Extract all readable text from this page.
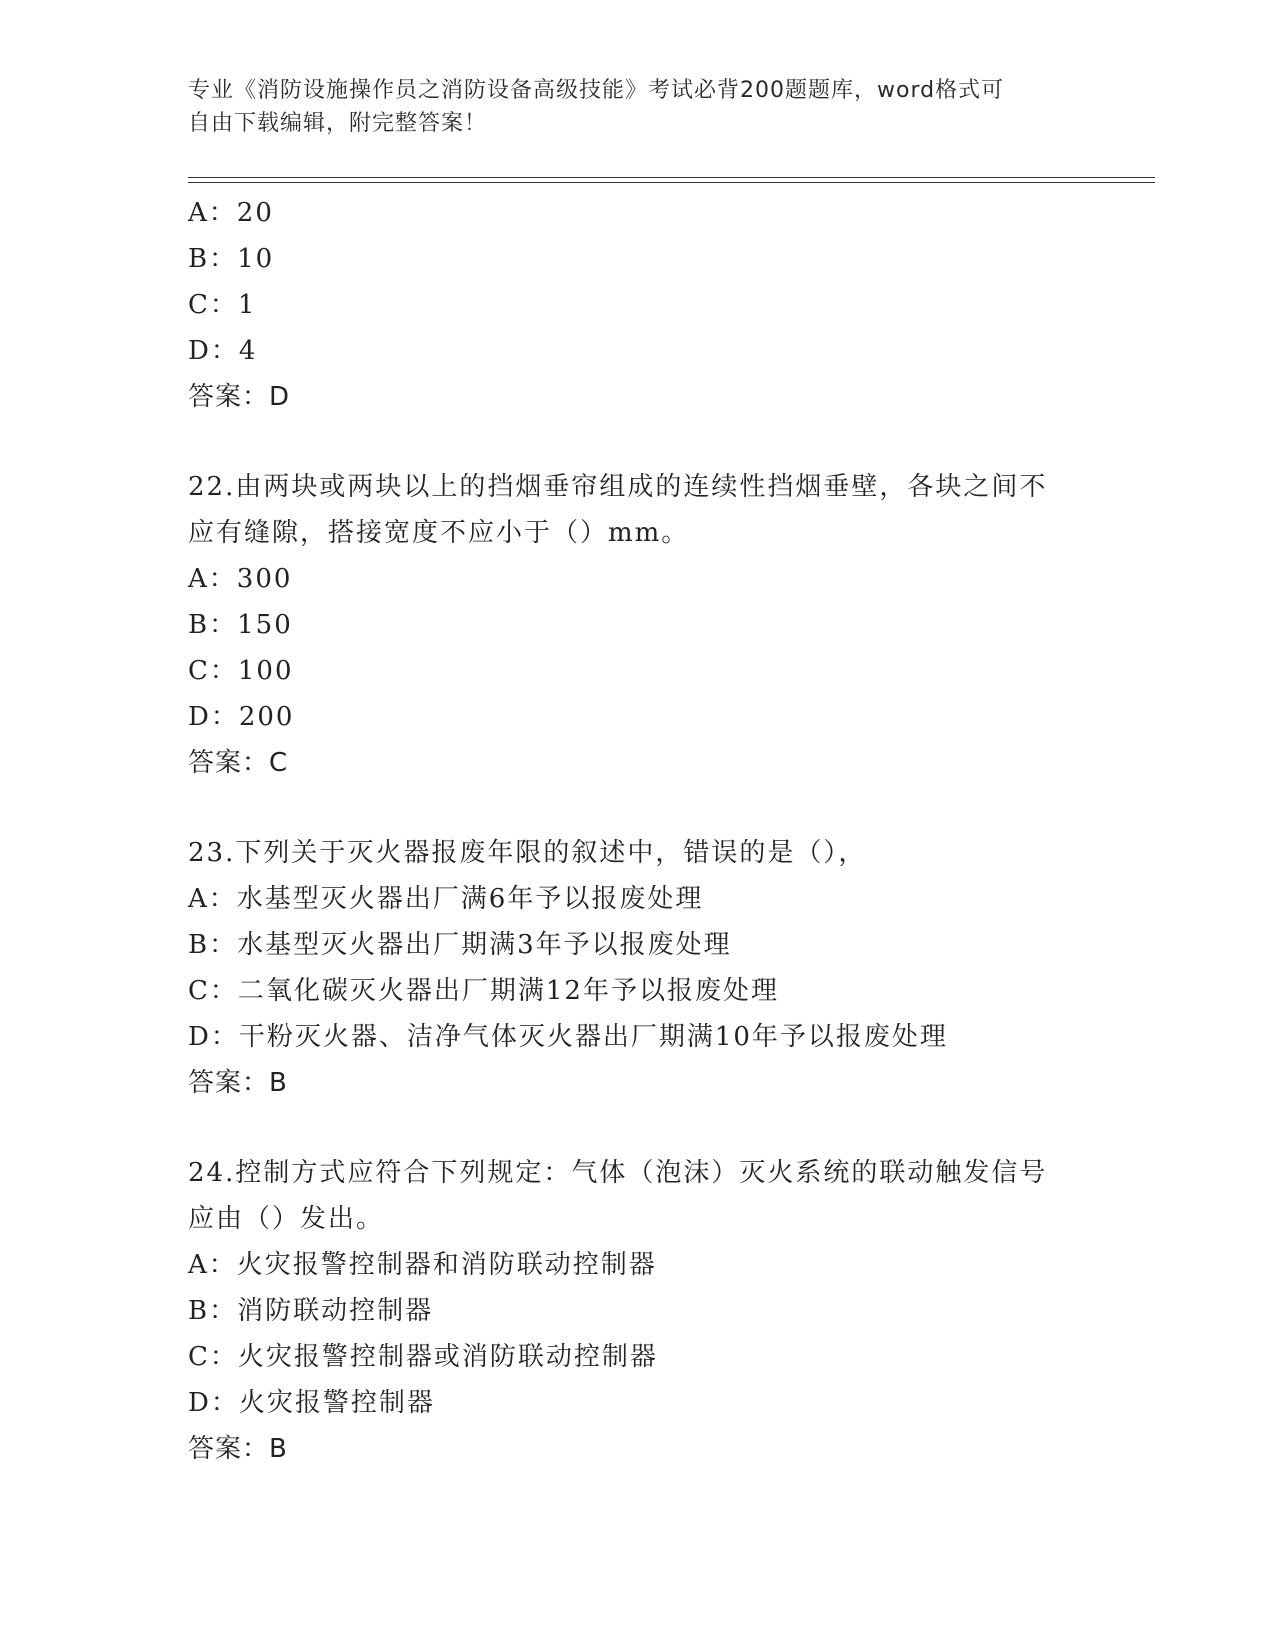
专业《消防设施操作员之消防设备高级技能》考试必背200题题库，word格式可
自由下载编辑，附完整答案！
A：20
B：10
C：1
D：4
答案：D
22.由两块或两块以上的挡烟垂帘组成的连续性挡烟垂壁，各块之间不
应有缝隙，搭接宽度不应小于（）mm。
A：300
B：150
C：100
D：200
答案：C
23.下列关于灭火器报废年限的叙述中，错误的是（），
A：水基型灭火器出厂满6年予以报废处理
B：水基型灭火器出厂期满3年予以报废处理
C：二氧化碳灭火器出厂期满12年予以报废处理
D：干粉灭火器、洁净气体灭火器出厂期满10年予以报废处理
答案：B
24.控制方式应符合下列规定：气体（泡沫）灭火系统的联动触发信号
应由（）发出。
A：火灾报警控制器和消防联动控制器
B：消防联动控制器
C：火灾报警控制器或消防联动控制器
D：火灾报警控制器
答案：B
